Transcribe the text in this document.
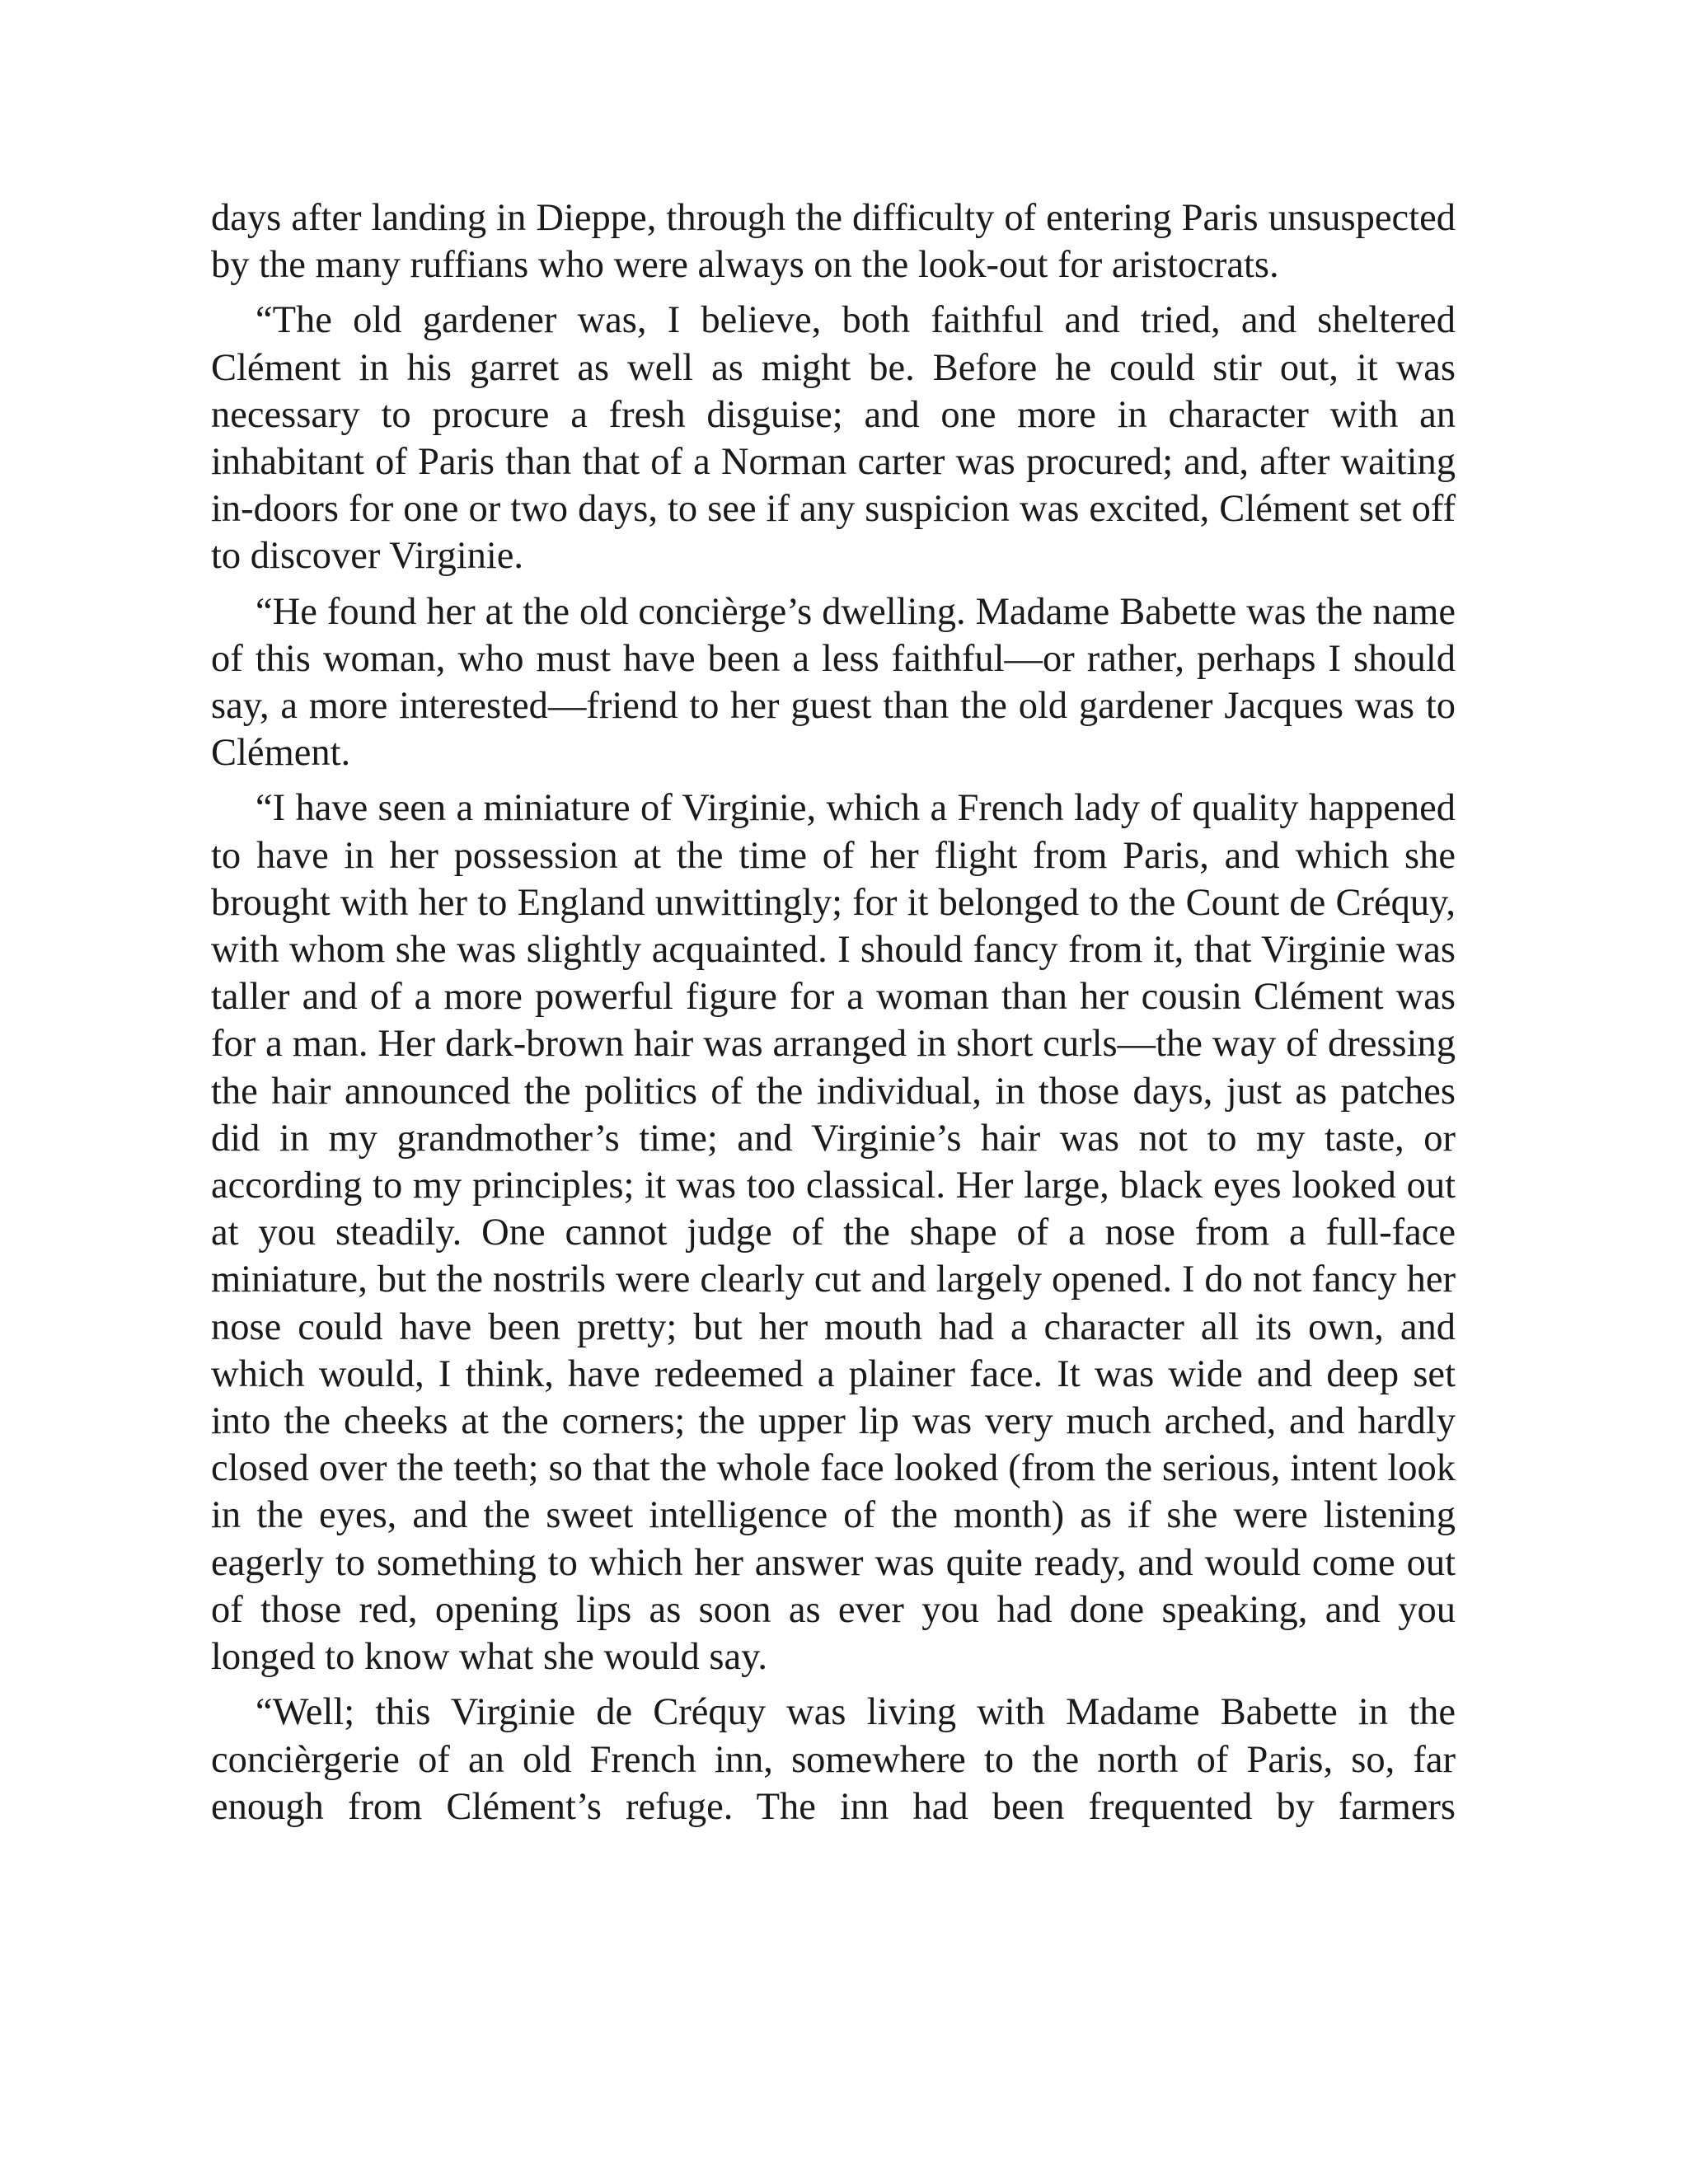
days after landing in Dieppe, through the difficulty of entering Paris unsuspected by the many ruffians who were always on the look-out for aristocrats.

“The old gardener was, I believe, both faithful and tried, and sheltered Clément in his garret as well as might be. Before he could stir out, it was necessary to procure a fresh disguise; and one more in character with an inhabitant of Paris than that of a Norman carter was procured; and, after waiting in-doors for one or two days, to see if any suspicion was excited, Clément set off to discover Virginie.

“He found her at the old concièrge’s dwelling. Madame Babette was the name of this woman, who must have been a less faithful—or rather, perhaps I should say, a more interested—friend to her guest than the old gardener Jacques was to Clément.

“I have seen a miniature of Virginie, which a French lady of quality happened to have in her possession at the time of her flight from Paris, and which she brought with her to England unwittingly; for it belonged to the Count de Créquy, with whom she was slightly acquainted. I should fancy from it, that Virginie was taller and of a more powerful figure for a woman than her cousin Clément was for a man. Her dark-brown hair was arranged in short curls—the way of dressing the hair announced the politics of the individual, in those days, just as patches did in my grandmother’s time; and Virginie’s hair was not to my taste, or according to my principles; it was too classical. Her large, black eyes looked out at you steadily. One cannot judge of the shape of a nose from a full-face miniature, but the nostrils were clearly cut and largely opened. I do not fancy her nose could have been pretty; but her mouth had a character all its own, and which would, I think, have redeemed a plainer face. It was wide and deep set into the cheeks at the corners; the upper lip was very much arched, and hardly closed over the teeth; so that the whole face looked (from the serious, intent look in the eyes, and the sweet intelligence of the month) as if she were listening eagerly to something to which her answer was quite ready, and would come out of those red, opening lips as soon as ever you had done speaking, and you longed to know what she would say.

“Well; this Virginie de Créquy was living with Madame Babette in the concièrgerie of an old French inn, somewhere to the north of Paris, so, far enough from Clément’s refuge. The inn had been frequented by farmers
